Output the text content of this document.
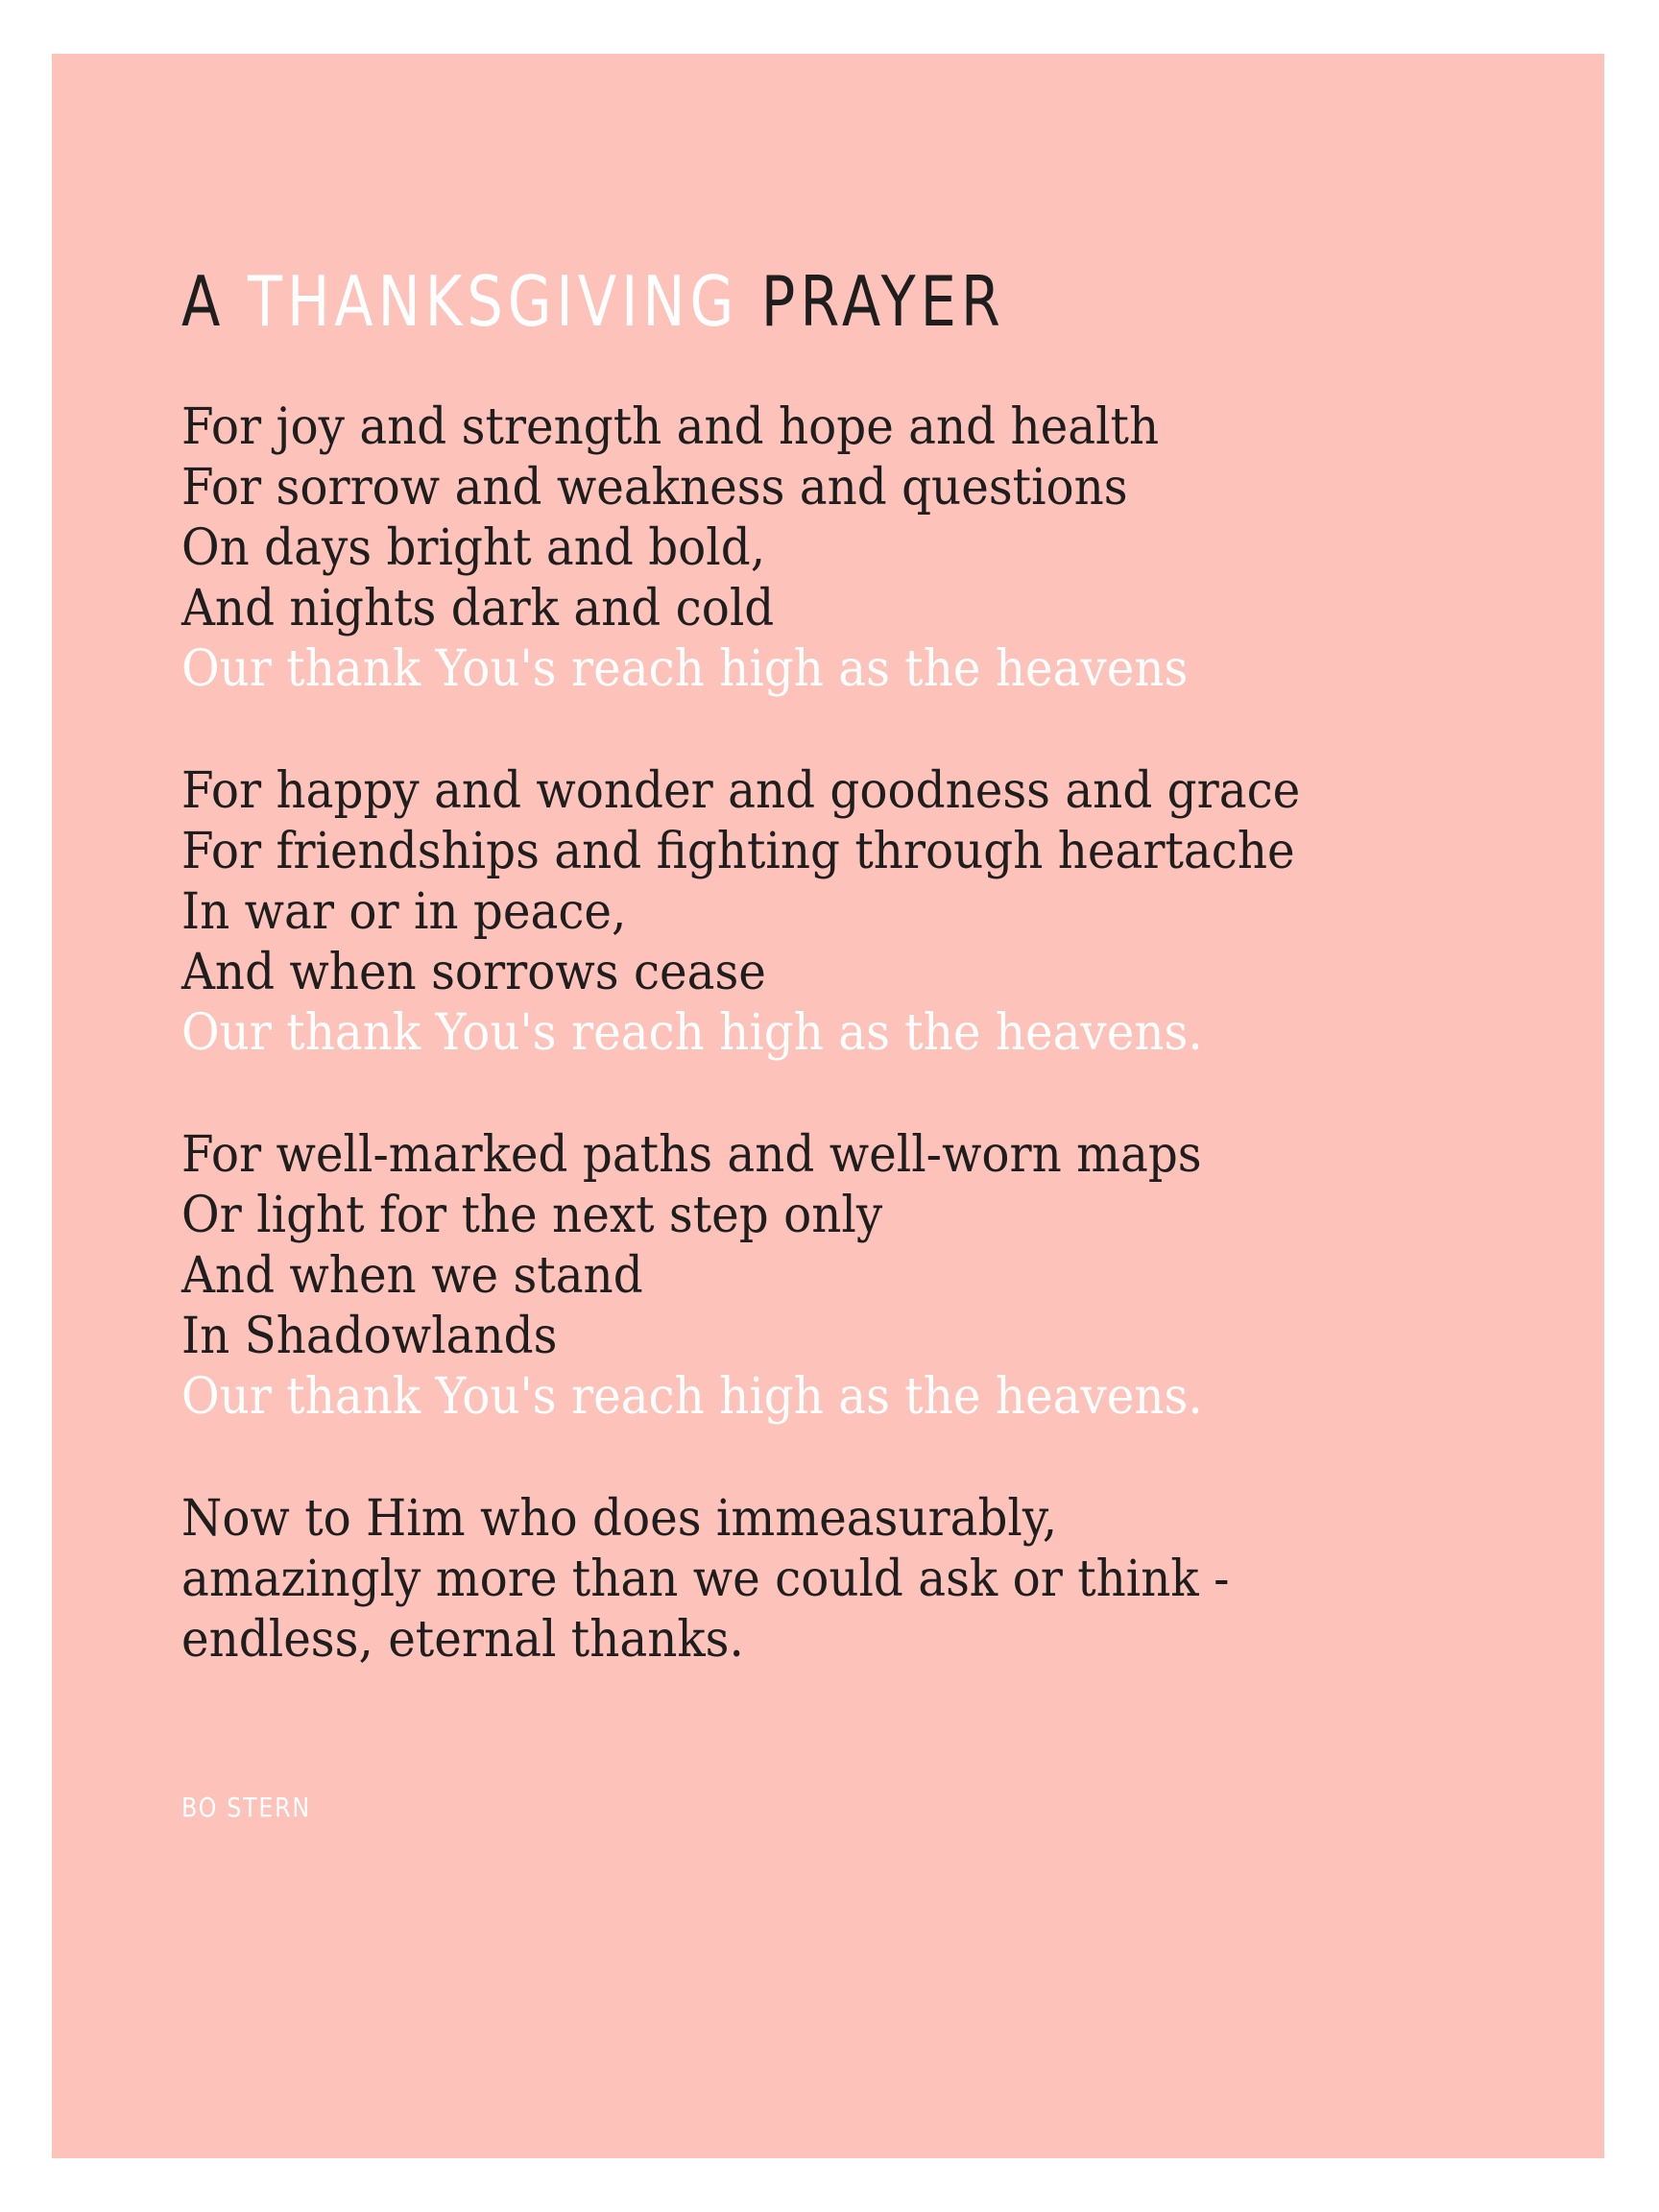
A THANKSGIVING PRAYER
For joy and strength and hope and health
For sorrow and weakness and questions
On days bright and bold,
And nights dark and cold
Our thank You's reach high as the heavens
For happy and wonder and goodness and grace
For friendships and fighting through heartache
In war or in peace,
And when sorrows cease
Our thank You's reach high as the heavens.
For well-marked paths and well-worn maps
Or light for the next step only
And when we stand
In Shadowlands
Our thank You's reach high as the heavens.
Now to Him who does immeasurably,
amazingly more than we could ask or think -
endless, eternal thanks.
BO STERN
